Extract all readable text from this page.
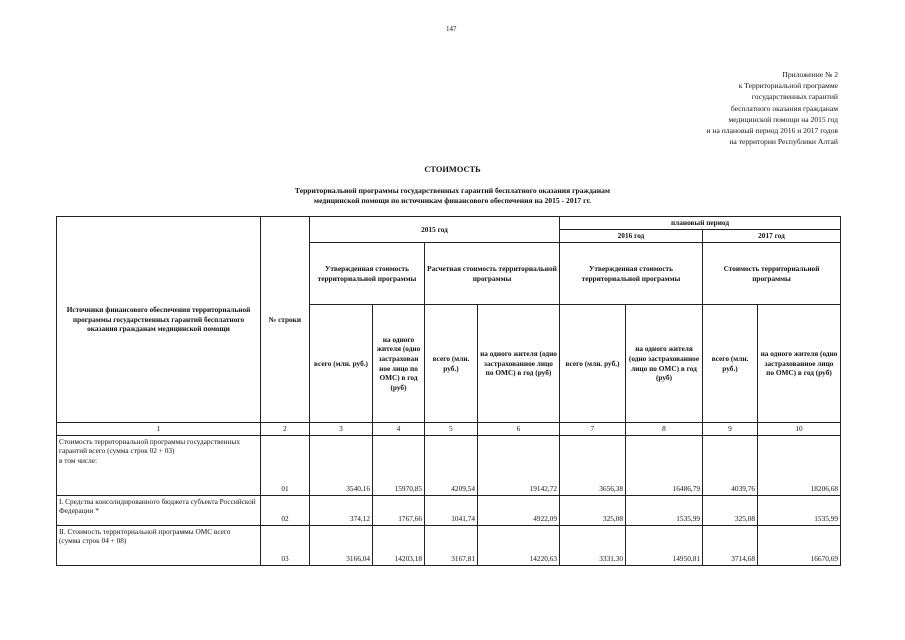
147
Приложение № 2
к Территориальной программе
государственных гарантий
бесплатного оказания гражданам
медицинской помощи на 2015 год
и на плановый период 2016 и 2017 годов
на территории Республики Алтай
СТОИМОСТЬ
Территориальной программы государственных гарантий бесплатного оказания гражданам
медицинской помощи по источникам финансового обеспечения на 2015 - 2017 гг.
Источники финансового обеспечения территориальной программы государственных гарантий бесплатного оказания гражданам медицинской помощи	№ строки	2015 год				плановый период			
						2016 год		2017 год	
		Утвержденная стоимость территориальной программы		Расчетная стоимость территориальной программы		Утвержденная стоимость территориальной программы		Стоимость территориальной программы	
		всего (млн. руб.)	на одного жителя (одно застрахован ное лицо по ОМС) в год (руб)	всего (млн. руб.)	на одного жителя (одно застрахованное лицо по ОМС) в год (руб)	всего (млн. руб.)	на одного жителя (одно застрахованное лицо по ОМС) в год (руб)	всего (млн. руб.)	на одного жителя (одно застрахованное лицо по ОМС) в год (руб)
1	2	3	4	5	6	7	8	9	10
Стоимость территориальной программы государственных гарантий всего (сумма строк 02 + 03)
в том числе:	01	3540,16	15970,85	4209,54	19142,72	3656,38	16486,79	4039,76	18206,68
I. Средства консолидированного бюджета субъекта Российской Федерации *	02	374,12	1767,66	1041,74	4922,09	325,08	1535,99	325,08	1535,99
II. Стоимость территориальной программы ОМС всего
(сумма строк 04 + 08)	03	3166,04	14203,18	3167,81	14220,63	3331,30	14950,81	3714,68	16670,69
